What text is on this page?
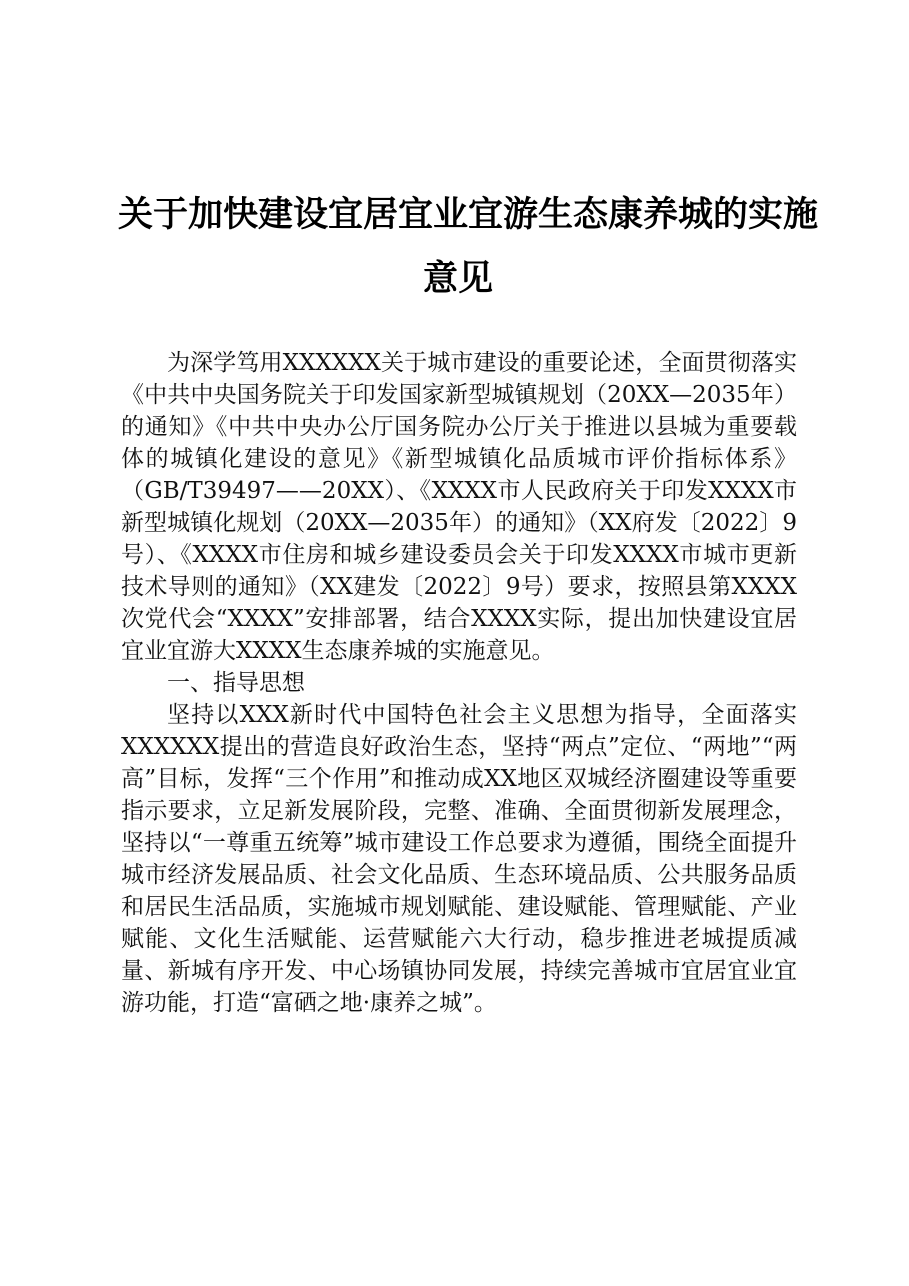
关于加快建设宜居宜业宜游生态康养城的实施
意见

为深学笃用XXXXXX关于城市建设的重要论述，全面贯彻落实《中共中央国务院关于印发国家新型城镇规划（20XX—2035年）的通知》《中共中央办公厅国务院办公厅关于推进以县城为重要载体的城镇化建设的意见》《新型城镇化品质城市评价指标体系》（GB/T39497——20XX）、《XXXX市人民政府关于印发XXXX市新型城镇化规划（20XX—2035年）的通知》（XX府发〔2022〕9号）、《XXXX市住房和城乡建设委员会关于印发XXXX市城市更新技术导则的通知》（XX建发〔2022〕9号）要求，按照县第XXXX次党代会“XXXX”安排部署，结合XXXX实际，提出加快建设宜居宜业宜游大XXXX生态康养城的实施意见。

一、指导思想

坚持以XXX新时代中国特色社会主义思想为指导，全面落实XXXXXX提出的营造良好政治生态，坚持“两点”定位、“两地”“两高”目标，发挥“三个作用”和推动成XX地区双城经济圈建设等重要指示要求，立足新发展阶段，完整、准确、全面贯彻新发展理念，坚持以“一尊重五统筹”城市建设工作总要求为遵循，围绕全面提升城市经济发展品质、社会文化品质、生态环境品质、公共服务品质和居民生活品质，实施城市规划赋能、建设赋能、管理赋能、产业赋能、文化生活赋能、运营赋能六大行动，稳步推进老城提质减量、新城有序开发、中心场镇协同发展，持续完善城市宜居宜业宜游功能，打造“富硒之地·康养之城”。
